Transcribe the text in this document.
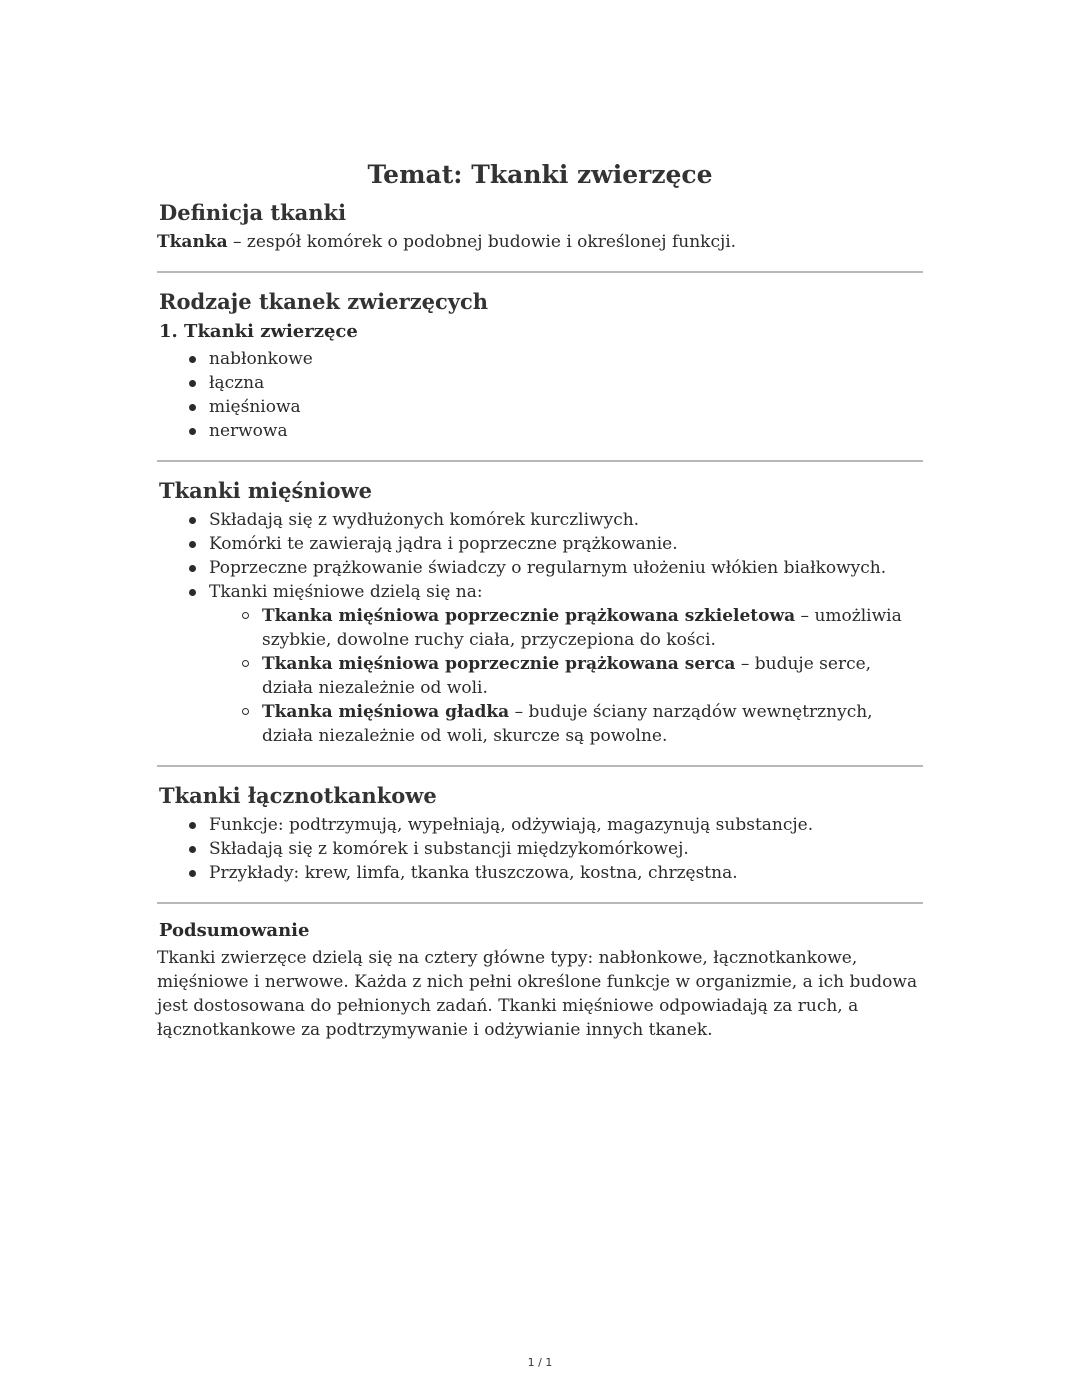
Temat: Tkanki zwierzęce
Definicja tkanki

Tkanka – zespół komórek o podobnej budowie i określonej funkcji.

Rodzaje tkanek zwierzęcych
1. Tkanki zwierzęce
nabłonkowe
łączna
mięśniowa
nerwowa
Tkanki mięśniowe
Składają się z wydłużonych komórek kurczliwych.
Komórki te zawierają jądra i poprzeczne prążkowanie.
Poprzeczne prążkowanie świadczy o regularnym ułożeniu włókien białkowych.
Tkanki mięśniowe dzielą się na:
Tkanka mięśniowa poprzecznie prążkowana szkieletowa – umożliwia szybkie, dowolne ruchy ciała, przyczepiona do kości.
Tkanka mięśniowa poprzecznie prążkowana serca – buduje serce, działa niezależnie od woli.
Tkanka mięśniowa gładka – buduje ściany narządów wewnętrznych, działa niezależnie od woli, skurcze są powolne.
Tkanki łącznotkankowe
Funkcje: podtrzymują, wypełniają, odżywiają, magazynują substancje.
Składają się z komórek i substancji międzykomórkowej.
Przykłady: krew, limfa, tkanka tłuszczowa, kostna, chrzęstna.
Podsumowanie

Tkanki zwierzęce dzielą się na cztery główne typy: nabłonkowe, łącznotkankowe, mięśniowe i nerwowe. Każda z nich pełni określone funkcje w organizmie, a ich budowa jest dostosowana do pełnionych zadań. Tkanki mięśniowe odpowiadają za ruch, a łącznotkankowe za podtrzymywanie i odżywianie innych tkanek.

1 / 1
